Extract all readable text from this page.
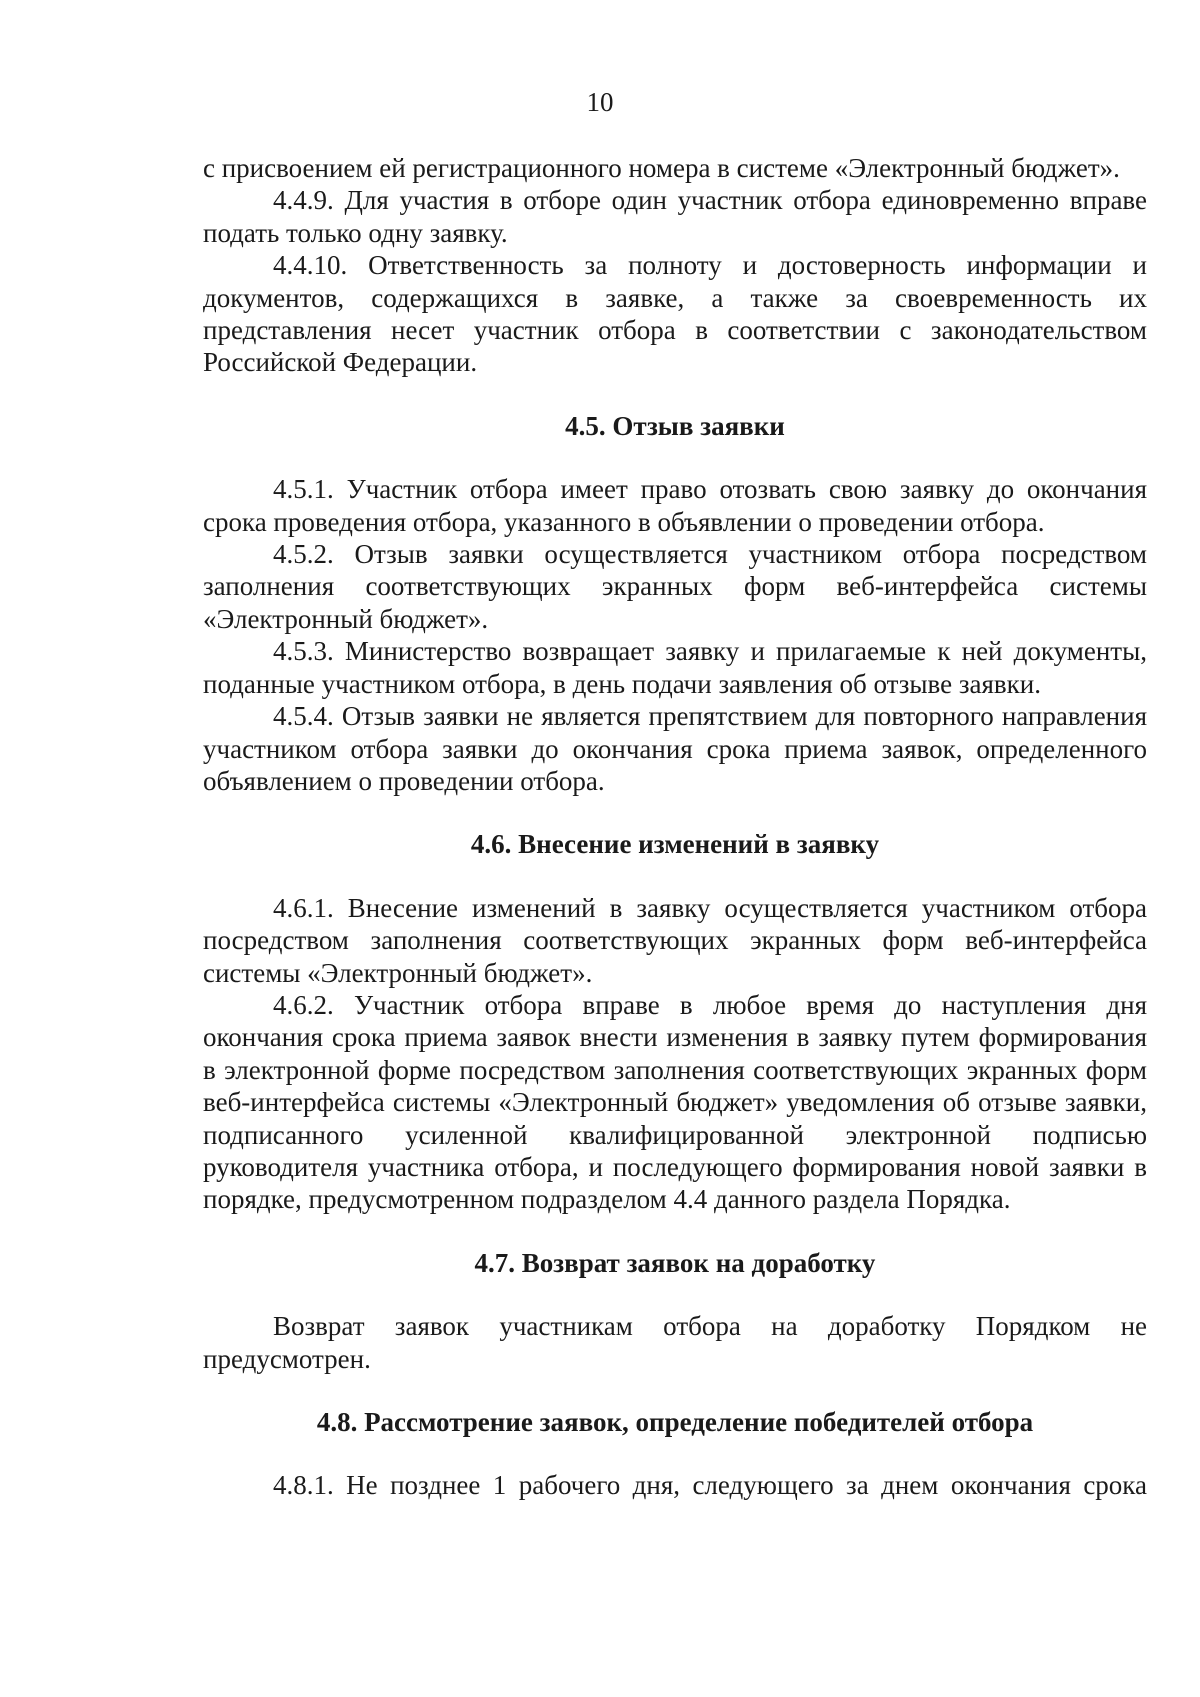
10

с присвоением ей регистрационного номера в системе «Электронный бюджет».

4.4.9. Для участия в отборе один участник отбора единовременно вправе подать только одну заявку.

4.4.10. Ответственность за полноту и достоверность информации и документов, содержащихся в заявке, а также за своевременность их представления несет участник отбора в соответствии с законодательством Российской Федерации.

4.5. Отзыв заявки

4.5.1. Участник отбора имеет право отозвать свою заявку до окончания срока проведения отбора, указанного в объявлении о проведении отбора.

4.5.2. Отзыв заявки осуществляется участником отбора посредством заполнения соответствующих экранных форм веб-интерфейса системы «Электронный бюджет».

4.5.3. Министерство возвращает заявку и прилагаемые к ней документы, поданные участником отбора, в день подачи заявления об отзыве заявки.

4.5.4. Отзыв заявки не является препятствием для повторного направления участником отбора заявки до окончания срока приема заявок, определенного объявлением о проведении отбора.

4.6. Внесение изменений в заявку

4.6.1. Внесение изменений в заявку осуществляется участником отбора посредством заполнения соответствующих экранных форм веб-интерфейса системы «Электронный бюджет».

4.6.2. Участник отбора вправе в любое время до наступления дня окончания срока приема заявок внести изменения в заявку путем формирования в электронной форме посредством заполнения соответствующих экранных форм веб-интерфейса системы «Электронный бюджет» уведомления об отзыве заявки, подписанного усиленной квалифицированной электронной подписью руководителя участника отбора, и последующего формирования новой заявки в порядке, предусмотренном подразделом 4.4 данного раздела Порядка.

4.7. Возврат заявок на доработку

Возврат заявок участникам отбора на доработку Порядком не предусмотрен.

4.8. Рассмотрение заявок, определение победителей отбора

4.8.1. Не позднее 1 рабочего дня, следующего за днем окончания срока
